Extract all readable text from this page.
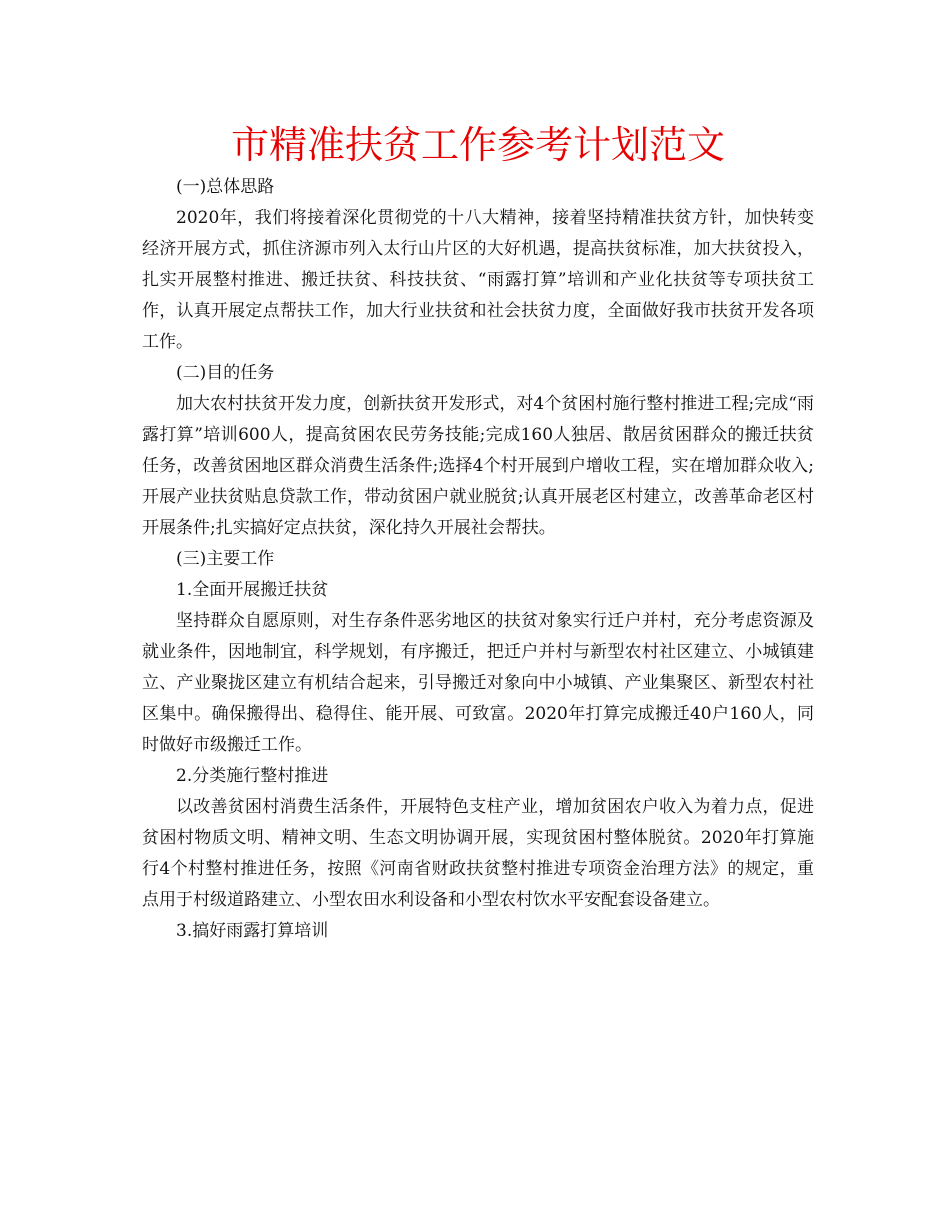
市精准扶贫工作参考计划范文

(一)总体思路

2020年，我们将接着深化贯彻党的十八大精神，接着坚持精准扶贫方针，加快转变经济开展方式，抓住济源市列入太行山片区的大好机遇，提高扶贫标准，加大扶贫投入，扎实开展整村推进、搬迁扶贫、科技扶贫、“雨露打算”培训和产业化扶贫等专项扶贫工作，认真开展定点帮扶工作，加大行业扶贫和社会扶贫力度，全面做好我市扶贫开发各项工作。

(二)目的任务

加大农村扶贫开发力度，创新扶贫开发形式，对4个贫困村施行整村推进工程;完成“雨露打算”培训600人，提高贫困农民劳务技能;完成160人独居、散居贫困群众的搬迁扶贫任务，改善贫困地区群众消费生活条件;选择4个村开展到户增收工程，实在增加群众收入;开展产业扶贫贴息贷款工作，带动贫困户就业脱贫;认真开展老区村建立，改善革命老区村开展条件;扎实搞好定点扶贫，深化持久开展社会帮扶。

(三)主要工作

1.全面开展搬迁扶贫

坚持群众自愿原则，对生存条件恶劣地区的扶贫对象实行迁户并村，充分考虑资源及就业条件，因地制宜，科学规划，有序搬迁，把迁户并村与新型农村社区建立、小城镇建立、产业聚拢区建立有机结合起来，引导搬迁对象向中小城镇、产业集聚区、新型农村社区集中。确保搬得出、稳得住、能开展、可致富。2020年打算完成搬迁40户160人，同时做好市级搬迁工作。

2.分类施行整村推进

以改善贫困村消费生活条件，开展特色支柱产业，增加贫困农户收入为着力点，促进贫困村物质文明、精神文明、生态文明协调开展，实现贫困村整体脱贫。2020年打算施行4个村整村推进任务，按照《河南省财政扶贫整村推进专项资金治理方法》的规定，重点用于村级道路建立、小型农田水利设备和小型农村饮水平安配套设备建立。

3.搞好雨露打算培训
